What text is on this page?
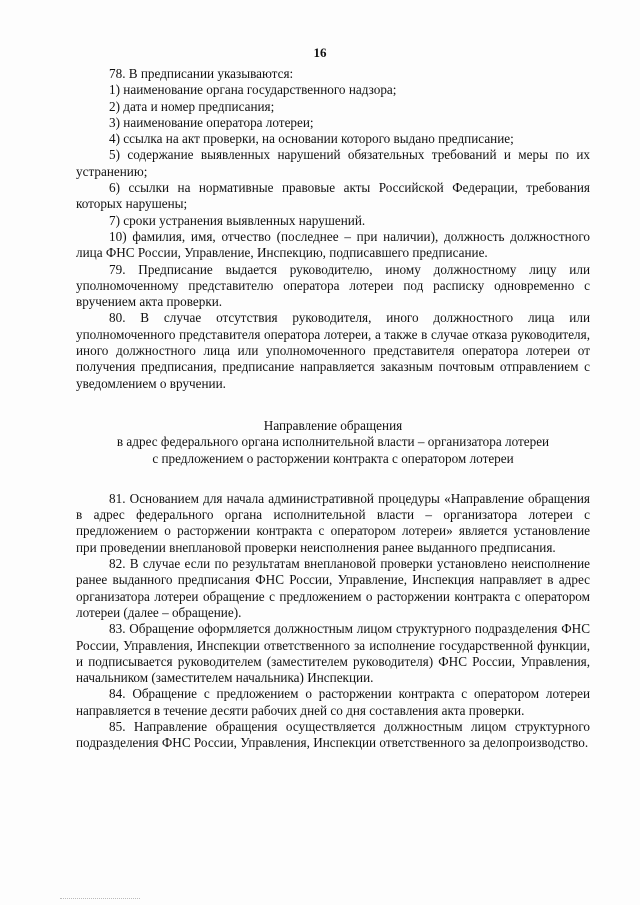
16

78. В предписании указываются:

1) наименование органа государственного надзора;

2) дата и номер предписания;

3) наименование оператора лотереи;

4) ссылка на акт проверки, на основании которого выдано предписание;

5) содержание выявленных нарушений обязательных требований и меры по их устранению;

6) ссылки на нормативные правовые акты Российской Федерации, требования которых нарушены;

7) сроки устранения выявленных нарушений.

10) фамилия, имя, отчество (последнее – при наличии), должность должностного лица ФНС России, Управление, Инспекцию, подписавшего предписание.

79. Предписание выдается руководителю, иному должностному лицу или уполномоченному представителю оператора лотереи под расписку одновременно с вручением акта проверки.

80. В случае отсутствия руководителя, иного должностного лица или уполномоченного представителя оператора лотереи, а также в случае отказа руководителя, иного должностного лица или уполномоченного представителя оператора лотереи от получения предписания, предписание направляется заказным почтовым отправлением с уведомлением о вручении.

Направление обращения
в адрес федерального органа исполнительной власти – организатора лотереи
с предложением о расторжении контракта с оператором лотереи

81. Основанием для начала административной процедуры «Направление обращения в адрес федерального органа исполнительной власти – организатора лотереи с предложением о расторжении контракта с оператором лотереи» является установление при проведении внеплановой проверки неисполнения ранее выданного предписания.

82. В случае если по результатам внеплановой проверки установлено неисполнение ранее выданного предписания ФНС России, Управление, Инспекция направляет в адрес организатора лотереи обращение с предложением о расторжении контракта с оператором лотереи (далее – обращение).

83. Обращение оформляется должностным лицом структурного подразделения ФНС России, Управления, Инспекции ответственного за исполнение государственной функции, и подписывается руководителем (заместителем руководителя) ФНС России, Управления, начальником (заместителем начальника) Инспекции.

84. Обращение с предложением о расторжении контракта с оператором лотереи направляется в течение десяти рабочих дней со дня составления акта проверки.

85. Направление обращения осуществляется должностным лицом структурного подразделения ФНС России, Управления, Инспекции ответственного за делопроизводство.
